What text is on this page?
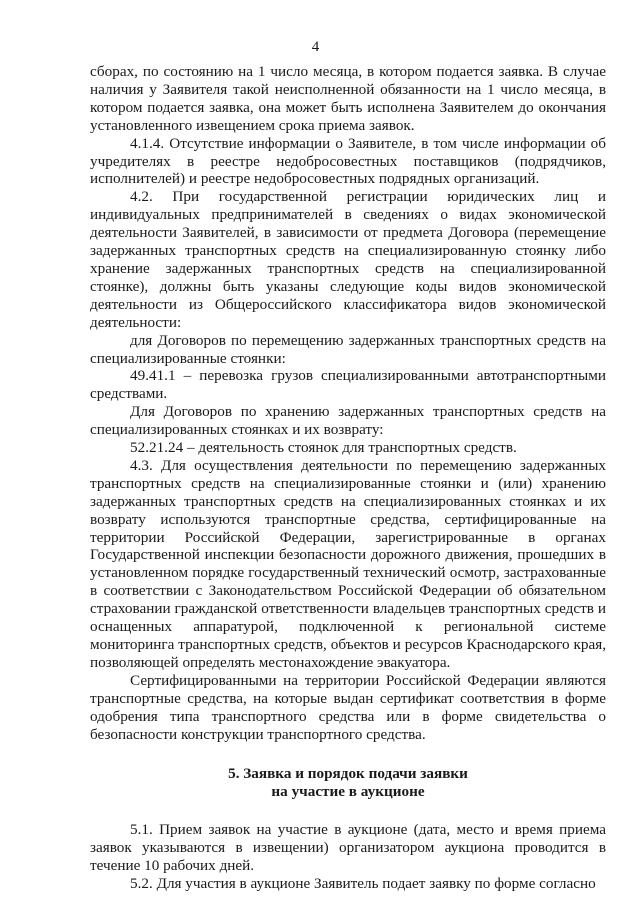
4

сборах, по состоянию на 1 число месяца, в котором подается заявка. В случае наличия у Заявителя такой неисполненной обязанности на 1 число месяца, в котором подается заявка, она может быть исполнена Заявителем до окончания установленного извещением срока приема заявок.

4.1.4. Отсутствие информации о Заявителе, в том числе информации об учредителях в реестре недобросовестных поставщиков (подрядчиков, исполнителей) и реестре недобросовестных подрядных организаций.

4.2. При государственной регистрации юридических лиц и индивидуальных предпринимателей в сведениях о видах экономической деятельности Заявителей, в зависимости от предмета Договора (перемещение задержанных транспортных средств на специализированную стоянку либо хранение задержанных транспортных средств на специализированной стоянке), должны быть указаны следующие коды видов экономической деятельности из Общероссийского классификатора видов экономической деятельности:

для Договоров по перемещению задержанных транспортных средств на специализированные стоянки:

49.41.1 – перевозка грузов специализированными автотранспортными средствами.

Для Договоров по хранению задержанных транспортных средств на специализированных стоянках и их возврату:

52.21.24 – деятельность стоянок для транспортных средств.

4.3. Для осуществления деятельности по перемещению задержанных транспортных средств на специализированные стоянки и (или) хранению задержанных транспортных средств на специализированных стоянках и их возврату используются транспортные средства, сертифицированные на территории Российской Федерации, зарегистрированные в органах Государственной инспекции безопасности дорожного движения, прошедших в установленном порядке государственный технический осмотр, застрахованные в соответствии с Законодательством Российской Федерации об обязательном страховании гражданской ответственности владельцев транспортных средств и оснащенных аппаратурой, подключенной к региональной системе мониторинга транспортных средств, объектов и ресурсов Краснодарского края, позволяющей определять местонахождение эвакуатора.

Сертифицированными на территории Российской Федерации являются транспортные средства, на которые выдан сертификат соответствия в форме одобрения типа транспортного средства или в форме свидетельства о безопасности конструкции транспортного средства.

5. Заявка и порядок подачи заявки
на участие в аукционе

5.1. Прием заявок на участие в аукционе (дата, место и время приема заявок указываются в извещении) организатором аукциона проводится в течение 10 рабочих дней.

5.2. Для участия в аукционе Заявитель подает заявку по форме согласно
